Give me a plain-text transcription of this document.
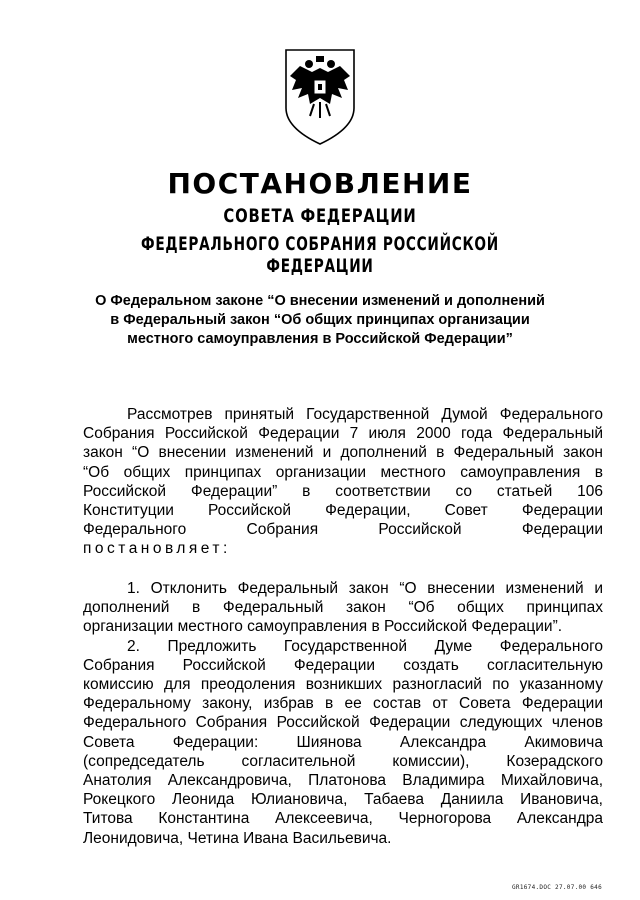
ПОСТАНОВЛЕНИЕ
СОВЕТА ФЕДЕРАЦИИ
ФЕДЕРАЛЬНОГО СОБРАНИЯ РОССИЙСКОЙ ФЕДЕРАЦИИ
О Федеральном законе “О внесении изменений и дополнений
в Федеральный закон “Об общих принципах организации
местного самоуправления в Российской Федерации”
Рассмотрев принятый Государственной Думой Федерального
Собрания Российской Федерации 7 июля 2000 года Федеральный
закон “О внесении изменений и дополнений в Федеральный закон
“Об общих принципах организации местного самоуправления в
Российской Федерации” в соответствии со статьей 106
Конституции Российской Федерации, Совет Федерации
Федерального Собрания Российской Федерации
постановляет:
1. Отклонить Федеральный закон “О внесении изменений и
дополнений в Федеральный закон “Об общих принципах
организации местного самоуправления в Российской Федерации”.
2. Предложить Государственной Думе Федерального
Собрания Российской Федерации создать согласительную
комиссию для преодоления возникших разногласий по указанному
Федеральному закону, избрав в ее состав от Совета Федерации
Федерального Собрания Российской Федерации следующих членов
Совета Федерации: Шиянова Александра Акимовича
(сопредседатель согласительной комиссии), Козерадского
Анатолия Александровича, Платонова Владимира Михайловича,
Рокецкого Леонида Юлиановича, Табаева Даниила Ивановича,
Титова Константина Алексеевича, Черногорова Александра
Леонидовича, Четина Ивана Васильевича.
GR1674.DOC 27.07.00 646
